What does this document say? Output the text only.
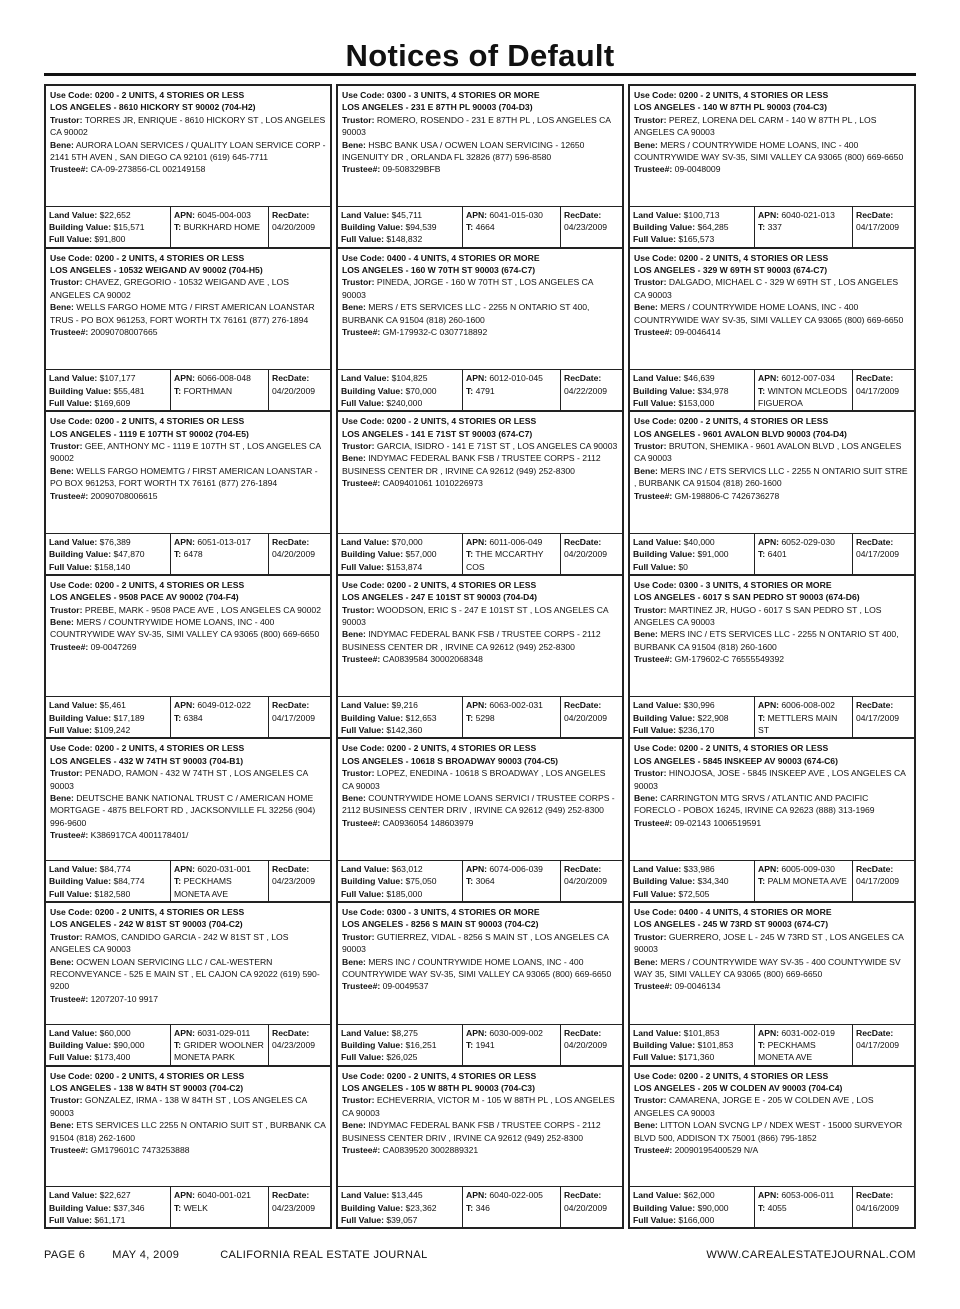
Notices of Default
Use Code: 0200 - 2 UNITS, 4 STORIES OR LESS
LOS ANGELES - 8610 HICKORY ST 90002 (704-H2)
Trustor: TORRES JR, ENRIQUE - 8610 HICKORY ST , LOS ANGELES CA 90002
Bene: AURORA LOAN SERVICES / QUALITY LOAN SERVICE CORP - 2141 5TH AVEN , SAN DIEGO CA 92101 (619) 645-7711
Trustee#: CA-09-273856-CL 002149158
Land Value: $22,652
Building Value: $15,571
Full Value: $91,800
APN: 6045-004-003
T: BURKHARD HOME
RecDate:
04/20/2009
Use Code: 0200 - 2 UNITS, 4 STORIES OR LESS
LOS ANGELES - 10532 WEIGAND AV 90002 (704-H5)
Trustor: CHAVEZ, GREGORIO - 10532 WEIGAND AVE , LOS ANGELES CA 90002
Bene: WELLS FARGO HOME MTG / FIRST AMERICAN LOANSTAR TRUS - PO BOX 961253, FORT WORTH TX 76161 (877) 276-1894
Trustee#: 20090708007665
Land Value: $107,177
Building Value: $55,481
Full Value: $169,609
APN: 6066-008-048
T: FORTHMAN
RecDate:
04/20/2009
Use Code: 0200 - 2 UNITS, 4 STORIES OR LESS
LOS ANGELES - 1119 E 107TH ST 90002 (704-E5)
Trustor: GEE, ANTHONY MC - 1119 E 107TH ST , LOS ANGELES CA 90002
Bene: WELLS FARGO HOMEMTG / FIRST AMERICAN LOANSTAR - PO BOX 961253, FORT WORTH TX 76161 (877) 276-1894
Trustee#: 20090708006615
Land Value: $76,389
Building Value: $47,870
Full Value: $158,140
APN: 6051-013-017
T: 6478
RecDate:
04/20/2009
Use Code: 0200 - 2 UNITS, 4 STORIES OR LESS
LOS ANGELES - 9508 PACE AV 90002 (704-F4)
Trustor: PREBE, MARK - 9508 PACE AVE , LOS ANGELES CA 90002
Bene: MERS / COUNTRYWIDE HOME LOANS, INC - 400 COUNTRYWIDE WAY SV-35, SIMI VALLEY CA 93065 (800) 669-6650
Trustee#: 09-0047269
Land Value: $5,461
Building Value: $17,189
Full Value: $109,242
APN: 6049-012-022
T: 6384
RecDate:
04/17/2009
Use Code: 0200 - 2 UNITS, 4 STORIES OR LESS
LOS ANGELES - 432 W 74TH ST 90003 (704-B1)
Trustor: PENADO, RAMON - 432 W 74TH ST , LOS ANGELES CA 90003
Bene: DEUTSCHE BANK NATIONAL TRUST C / AMERICAN HOME MORTGAGE - 4875 BELFORT RD , JACKSONVILLE FL 32256 (904) 996-9600
Trustee#: K386917CA 4001178401/
Land Value: $84,774
Building Value: $84,774
Full Value: $182,580
APN: 6020-031-001
T: PECKHAMS MONETA AVE
RecDate:
04/23/2009
Use Code: 0200 - 2 UNITS, 4 STORIES OR LESS
LOS ANGELES - 242 W 81ST ST 90003 (704-C2)
Trustor: RAMOS, CANDIDO GARCIA - 242 W 81ST ST , LOS ANGELES CA 90003
Bene: OCWEN LOAN SERVICING LLC / CAL-WESTERN RECONVEYANCE - 525 E MAIN ST , EL CAJON CA 92022 (619) 590-9200
Trustee#: 1207207-10 9917
Land Value: $60,000
Building Value: $90,000
Full Value: $173,400
APN: 6031-029-011
T: GRIDER WOOLNER MONETA PARK
RecDate:
04/23/2009
Use Code: 0200 - 2 UNITS, 4 STORIES OR LESS
LOS ANGELES - 138 W 84TH ST 90003 (704-C2)
Trustor: GONZALEZ, IRMA - 138 W 84TH ST , LOS ANGELES CA 90003
Bene: ETS SERVICES LLC 2255 N ONTARIO SUIT ST , BURBANK CA 91504 (818) 262-1600
Trustee#: GM179601C 7473253888
Land Value: $22,627
Building Value: $37,346
Full Value: $61,171
APN: 6040-001-021
T: WELK
RecDate:
04/23/2009
Use Code: 0300 - 3 UNITS, 4 STORIES OR MORE
LOS ANGELES - 231 E 87TH PL 90003 (704-D3)
Trustor: ROMERO, ROSENDO - 231 E 87TH PL , LOS ANGELES CA 90003
Bene: HSBC BANK USA / OCWEN LOAN SERVICING - 12650 INGENUITY DR , ORLANDA FL 32826 (877) 596-8580
Trustee#: 09-508329BFB
Land Value: $45,711
Building Value: $94,539
Full Value: $148,832
APN: 6041-015-030
T: 4664
RecDate:
04/23/2009
Use Code: 0400 - 4 UNITS, 4 STORIES OR MORE
LOS ANGELES - 160 W 70TH ST 90003 (674-C7)
Trustor: PINEDA, JORGE - 160 W 70TH ST , LOS ANGELES CA 90003
Bene: MERS / ETS SERVICES LLC - 2255 N ONTARIO ST 400, BURBANK CA 91504 (818) 260-1600
Trustee#: GM-179932-C 0307718892
Land Value: $104,825
Building Value: $70,000
Full Value: $240,000
APN: 6012-010-045
T: 4791
RecDate:
04/22/2009
Use Code: 0200 - 2 UNITS, 4 STORIES OR LESS
LOS ANGELES - 141 E 71ST ST 90003 (674-C7)
Trustor: GARCIA, ISIDRO - 141 E 71ST ST , LOS ANGELES CA 90003
Bene: INDYMAC FEDERAL BANK FSB / TRUSTEE CORPS - 2112 BUSINESS CENTER DR , IRVINE CA 92612 (949) 252-8300
Trustee#: CA09401061 1010226973
Land Value: $70,000
Building Value: $57,000
Full Value: $153,874
APN: 6011-006-049
T: THE MCCARTHY COS
RecDate:
04/20/2009
Use Code: 0200 - 2 UNITS, 4 STORIES OR LESS
LOS ANGELES - 247 E 101ST ST 90003 (704-D4)
Trustor: WOODSON, ERIC S - 247 E 101ST ST , LOS ANGELES CA 90003
Bene: INDYMAC FEDERAL BANK FSB / TRUSTEE CORPS - 2112 BUSINESS CENTER DR , IRVINE CA 92612 (949) 252-8300
Trustee#: CA0839584 30002068348
Land Value: $9,216
Building Value: $12,653
Full Value: $142,360
APN: 6063-002-031
T: 5298
RecDate:
04/20/2009
Use Code: 0200 - 2 UNITS, 4 STORIES OR LESS
LOS ANGELES - 10618 S BROADWAY 90003 (704-C5)
Trustor: LOPEZ, ENEDINA - 10618 S BROADWAY , LOS ANGELES CA 90003
Bene: COUNTRYWIDE HOME LOANS SERVICI / TRUSTEE CORPS - 2112 BUSINESS CENTER DRIV , IRVINE CA 92612 (949) 252-8300
Trustee#: CA0936054 148603979
Land Value: $63,012
Building Value: $75,050
Full Value: $185,000
APN: 6074-006-039
T: 3064
RecDate:
04/20/2009
Use Code: 0300 - 3 UNITS, 4 STORIES OR MORE
LOS ANGELES - 8256 S MAIN ST 90003 (704-C2)
Trustor: GUTIERREZ, VIDAL - 8256 S MAIN ST , LOS ANGELES CA 90003
Bene: MERS INC / COUNTRYWIDE HOME LOANS, INC - 400 COUNTRYWIDE WAY SV-35, SIMI VALLEY CA 93065 (800) 669-6650
Trustee#: 09-0049537
Land Value: $8,275
Building Value: $16,251
Full Value: $26,025
APN: 6030-009-002
T: 1941
RecDate:
04/20/2009
Use Code: 0200 - 2 UNITS, 4 STORIES OR LESS
LOS ANGELES - 105 W 88TH PL 90003 (704-C3)
Trustor: ECHEVERRIA, VICTOR M - 105 W 88TH PL , LOS ANGELES CA 90003
Bene: INDYMAC FEDERAL BANK FSB / TRUSTEE CORPS - 2112 BUSINESS CENTER DRIV , IRVINE CA 92612 (949) 252-8300
Trustee#: CA0839520 3002889321
Land Value: $13,445
Building Value: $23,362
Full Value: $39,057
APN: 6040-022-005
T: 346
RecDate:
04/20/2009
Use Code: 0200 - 2 UNITS, 4 STORIES OR LESS
LOS ANGELES - 140 W 87TH PL 90003 (704-C3)
Trustor: PEREZ, LORENA DEL CARM - 140 W 87TH PL , LOS ANGELES CA 90003
Bene: MERS / COUNTRYWIDE HOME LOANS, INC - 400 COUNTRYWIDE WAY SV-35, SIMI VALLEY CA 93065 (800) 669-6650
Trustee#: 09-0048009
Land Value: $100,713
Building Value: $64,285
Full Value: $165,573
APN: 6040-021-013
T: 337
RecDate:
04/17/2009
Use Code: 0200 - 2 UNITS, 4 STORIES OR LESS
LOS ANGELES - 329 W 69TH ST 90003 (674-C7)
Trustor: DALGADO, MICHAEL C - 329 W 69TH ST , LOS ANGELES CA 90003
Bene: MERS / COUNTRYWIDE HOME LOANS, INC - 400 COUNTRYWIDE WAY SV-35, SIMI VALLEY CA 93065 (800) 669-6650
Trustee#: 09-0046414
Land Value: $46,639
Building Value: $34,978
Full Value: $153,000
APN: 6012-007-034
T: WINTON MCLEODS FIGUEROA
RecDate:
04/17/2009
Use Code: 0200 - 2 UNITS, 4 STORIES OR LESS
LOS ANGELES - 9601 AVALON BLVD 90003 (704-D4)
Trustor: BRUTON, SHEMIKA - 9601 AVALON BLVD , LOS ANGELES CA 90003
Bene: MERS INC / ETS SERVICS LLC - 2255 N ONTARIO SUIT STRE , BURBANK CA 91504 (818) 260-1600
Trustee#: GM-198806-C 7426736278
Land Value: $40,000
Building Value: $91,000
Full Value: $0
APN: 6052-029-030
T: 6401
RecDate:
04/17/2009
Use Code: 0300 - 3 UNITS, 4 STORIES OR MORE
LOS ANGELES - 6017 S SAN PEDRO ST 90003 (674-D6)
Trustor: MARTINEZ JR, HUGO - 6017 S SAN PEDRO ST , LOS ANGELES CA 90003
Bene: MERS INC / ETS SERVICES LLC - 2255 N ONTARIO ST 400, BURBANK CA 91504 (818) 260-1600
Trustee#: GM-179602-C 76555549392
Land Value: $30,996
Building Value: $22,908
Full Value: $236,170
APN: 6006-008-002
T: METTLERS MAIN ST
RecDate:
04/17/2009
Use Code: 0200 - 2 UNITS, 4 STORIES OR LESS
LOS ANGELES - 5845 INSKEEP AV 90003 (674-C6)
Trustor: HINOJOSA, JOSE - 5845 INSKEEP AVE , LOS ANGELES CA 90003
Bene: CARRINGTON MTG SRVS / ATLANTIC AND PACIFIC FORECLO - POBOX 16245, IRVINE CA 92623 (888) 313-1969
Trustee#: 09-02143 1006519591
Land Value: $33,986
Building Value: $34,340
Full Value: $72,505
APN: 6005-009-030
T: PALM MONETA AVE
RecDate:
04/17/2009
Use Code: 0400 - 4 UNITS, 4 STORIES OR MORE
LOS ANGELES - 245 W 73RD ST 90003 (674-C7)
Trustor: GUERRERO, JOSE L - 245 W 73RD ST , LOS ANGELES CA 90003
Bene: MERS / COUNTRYWIDE WAY SV-35 - 400 COUNTYWIDE SV WAY 35, SIMI VALLEY CA 93065 (800) 669-6650
Trustee#: 09-0046134
Land Value: $101,853
Building Value: $101,853
Full Value: $171,360
APN: 6031-002-019
T: PECKHAMS MONETA AVE
RecDate:
04/17/2009
Use Code: 0200 - 2 UNITS, 4 STORIES OR LESS
LOS ANGELES - 205 W COLDEN AV 90003 (704-C4)
Trustor: CAMARENA, JORGE E - 205 W COLDEN AVE , LOS ANGELES CA 90003
Bene: LITTON LOAN SVCNG LP / NDEX WEST - 15000 SURVEYOR BLVD 500, ADDISON TX 75001 (866) 795-1852
Trustee#: 20090195400529 N/A
Land Value: $62,000
Building Value: $90,000
Full Value: $166,000
APN: 6053-006-011
T: 4055
RecDate:
04/16/2009
PAGE 6 MAY 4, 2009	CALIFORNIA REAL ESTATE JOURNAL	WWW.CAREALESTATEJOURNAL.COM
